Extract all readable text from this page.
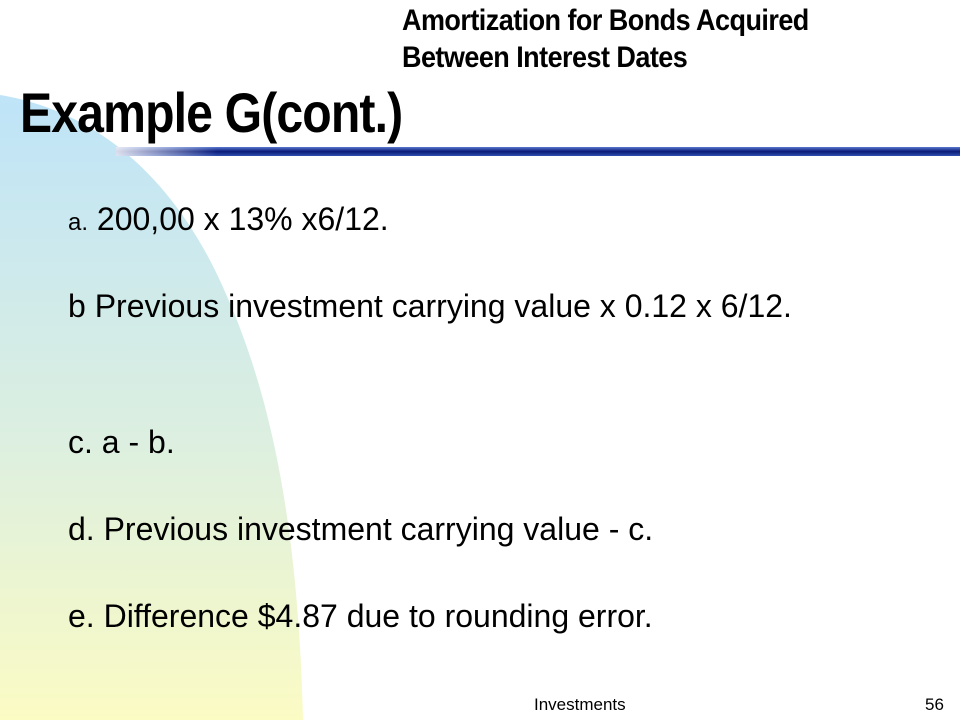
Amortization for Bonds Acquired
Between Interest Dates
Example G(cont.)

a. 200,00 x 13% x6/12.

b Previous investment carrying value x 0.12 x 6/12.

c. a - b.

d. Previous investment carrying value - c.

e. Difference $4.87 due to rounding error.

Investments	56
